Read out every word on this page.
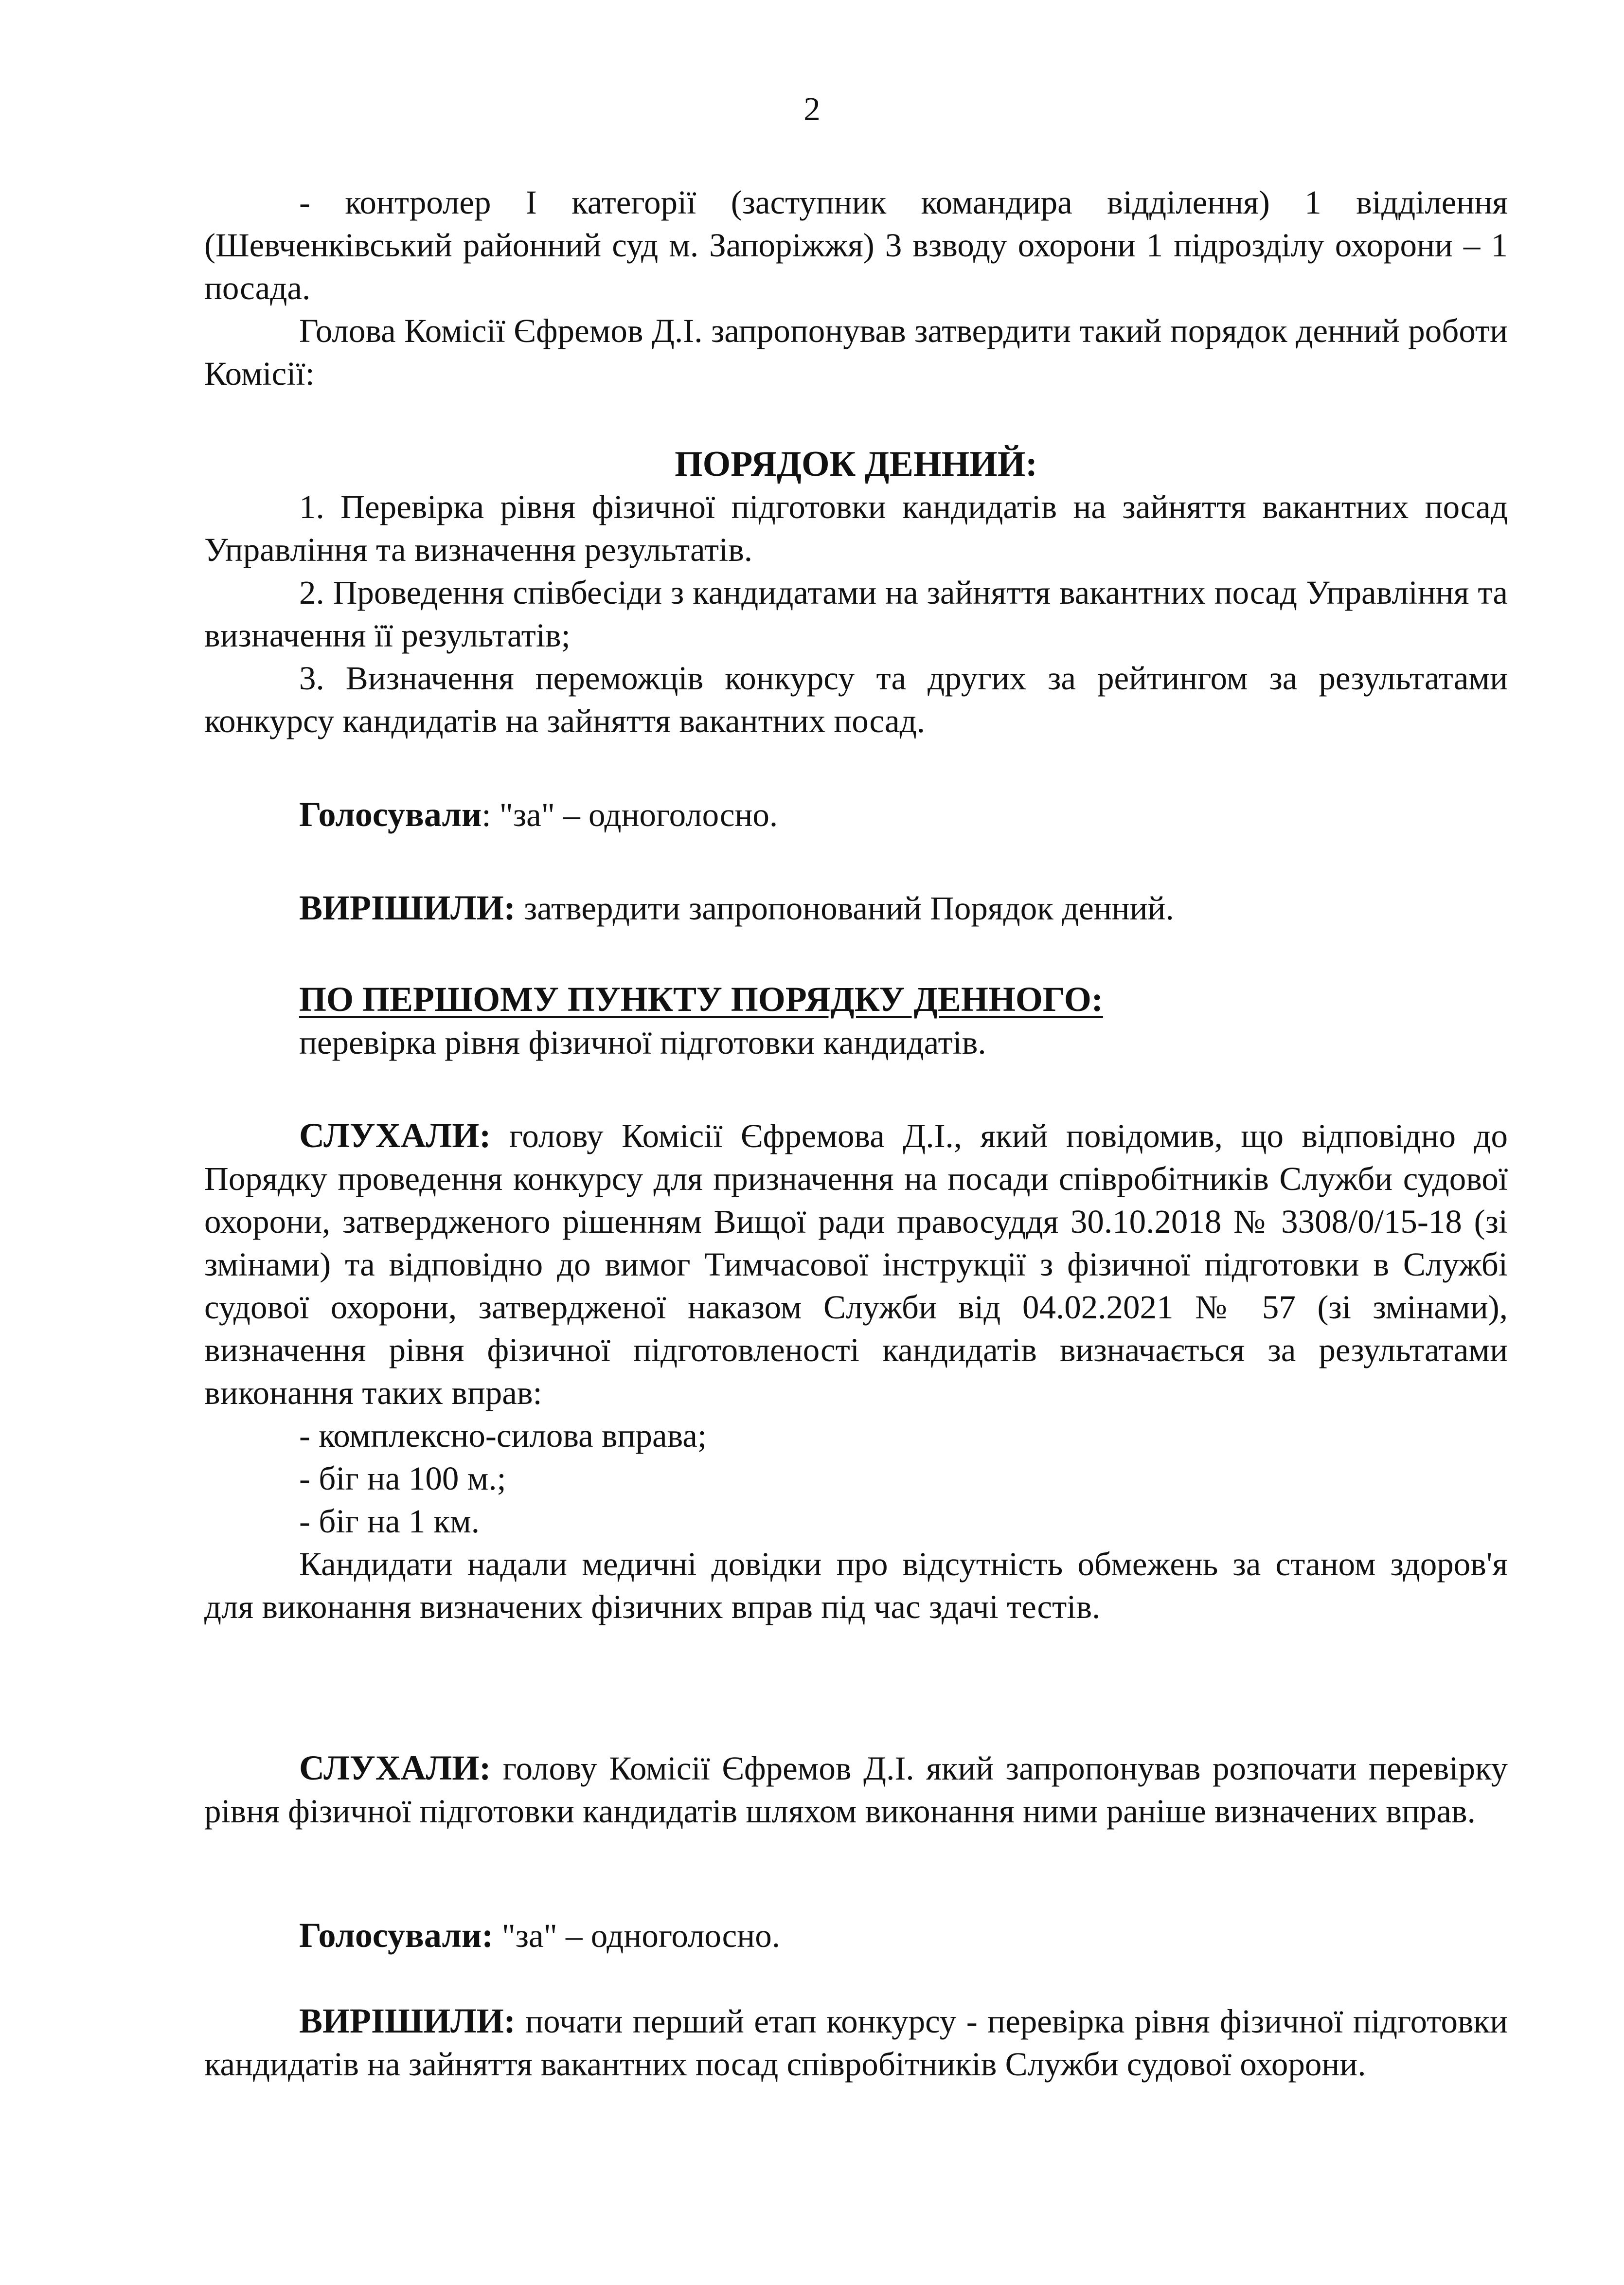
2

- контролер І категорії (заступник командира відділення) 1 відділення (Шевченківський районний суд м. Запоріжжя) 3 взводу охорони 1 підрозділу охорони – 1 посада.

Голова Комісії Єфремов Д.І. запропонував затвердити такий порядок денний роботи Комісії:

ПОРЯДОК ДЕННИЙ:

1. Перевірка рівня фізичної підготовки кандидатів на зайняття вакантних посад Управління та визначення результатів.

2. Проведення співбесіди з кандидатами на зайняття вакантних посад Управління та визначення її результатів;

3. Визначення переможців конкурсу та других за рейтингом за результатами конкурсу кандидатів на зайняття вакантних посад.

Голосували: "за" – одноголосно.

ВИРІШИЛИ: затвердити запропонований Порядок денний.

ПО ПЕРШОМУ ПУНКТУ ПОРЯДКУ ДЕННОГО:

перевірка рівня фізичної підготовки кандидатів.

СЛУХАЛИ: голову Комісії Єфремова Д.І., який повідомив, що відповідно до Порядку проведення конкурсу для призначення на посади співробітників Служби судової охорони, затвердженого рішенням Вищої ради правосуддя 30.10.2018 № 3308/0/15-18 (зі змінами) та відповідно до вимог Тимчасової інструкції з фізичної підготовки в Службі судової охорони, затвердженої наказом Служби від 04.02.2021 № 57 (зі змінами), визначення рівня фізичної підготовленості кандидатів визначається за результатами виконання таких вправ:

- комплексно-силова вправа;

- біг на 100 м.;

- біг на 1 км.

Кандидати надали медичні довідки про відсутність обмежень за станом здоров'я для виконання визначених фізичних вправ під час здачі тестів.

СЛУХАЛИ: голову Комісії Єфремов Д.І. який запропонував розпочати перевірку рівня фізичної підготовки кандидатів шляхом виконання ними раніше визначених вправ.

Голосували: "за" – одноголосно.

ВИРІШИЛИ: почати перший етап конкурсу - перевірка рівня фізичної підготовки кандидатів на зайняття вакантних посад співробітників Служби судової охорони.
